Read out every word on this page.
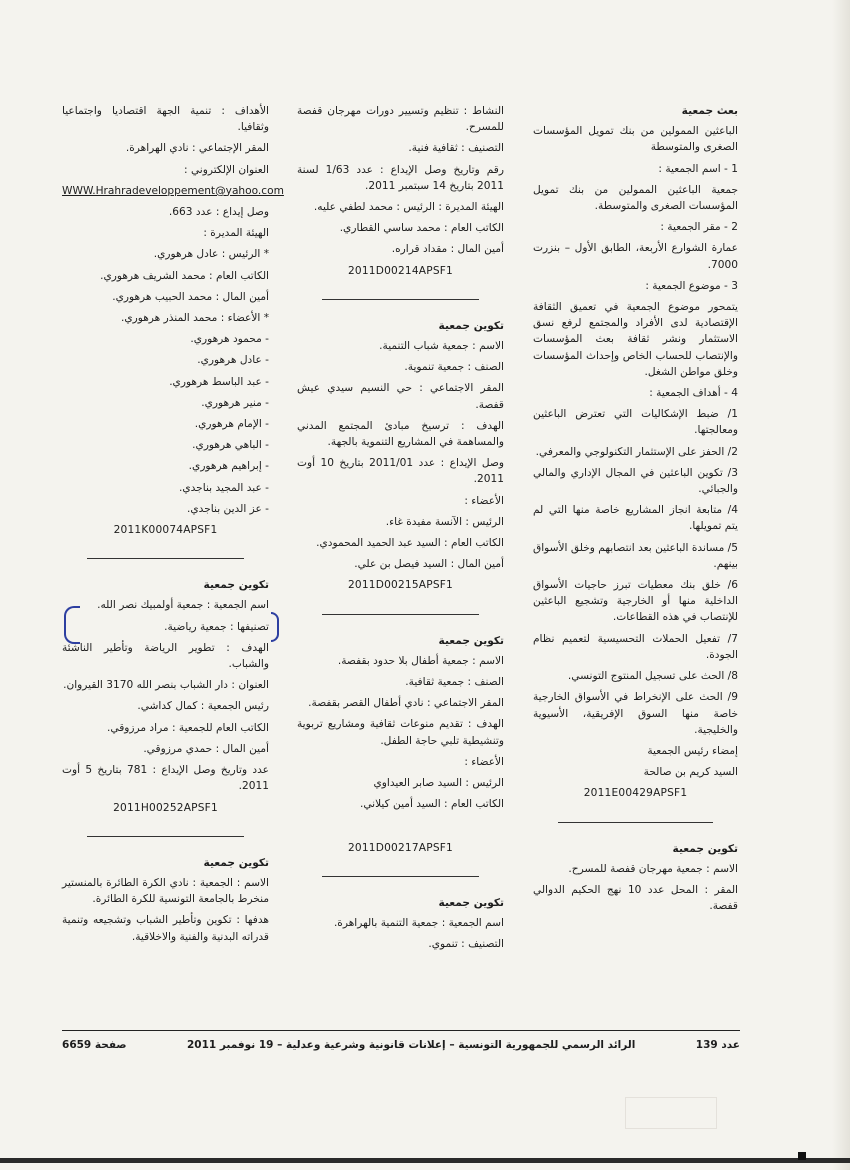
بعث جمعية

الباعثين الممولين من بنك تمويل المؤسسات الصغرى والمتوسطة

1 - اسم الجمعية :

جمعية الباعثين الممولين من بنك تمويل المؤسسات الصغرى والمتوسطة.

2 - مقر الجمعية :

عمارة الشوارع الأربعة، الطابق الأول – بنزرت 7000.

3 - موضوع الجمعية :

يتمحور موضوع الجمعية في تعميق الثقافة الإقتصادية لدى الأفراد والمجتمع لرفع نسق الاستثمار ونشر ثقافة بعث المؤسسات والإنتصاب للحساب الخاص وإحداث المؤسسات وخلق مواطن الشغل.

4 - أهداف الجمعية :

1/ ضبط الإشكاليات التي تعترض الباعثين ومعالجتها.

2/ الحفز على الإستثمار التكنولوجي والمعرفي.

3/ تكوين الباعثين في المجال الإداري والمالي والجبائي.

4/ متابعة انجاز المشاريع خاصة منها التي لم يتم تمويلها.

5/ مساندة الباعثين بعد انتصابهم وخلق الأسواق بينهم.

6/ خلق بنك معطيات تبرز حاجيات الأسواق الداخلية منها أو الخارجية وتشجيع الباعثين للإنتصاب في هذه القطاعات.

7/ تفعيل الحملات التحسيسية لتعميم نظام الجودة.

8/ الحث على تسجيل المنتوج التونسي.

9/ الحث على الإنخراط في الأسواق الخارجية خاصة منها السوق الإفريقية، الأسيوية والخليجية.

إمضاء رئيس الجمعية

السيد كريم بن صالحة

2011E00429APSF1

تكوين جمعية

الاسم : جمعية مهرجان قفصة للمسرح.

المقر : المحل عدد 10 نهج الحكيم الدوالي قفصة.

النشاط : تنظيم وتسيير دورات مهرجان قفصة للمسرح.

التصنيف : ثقافية فنية.

رقم وتاريخ وصل الإيداع : عدد 1/63 لسنة 2011 بتاريخ 14 سبتمبر 2011.

الهيئة المديرة : الرئيس : محمد لطفي عليه.

الكاتب العام : محمد ساسي القطاري.

أمين المال : مقداد قراره.

2011D00214APSF1

تكوين جمعية

الاسم : جمعية شباب التنمية.

الصنف : جمعية تنموية.

المقر الاجتماعي : حي النسيم سيدي عيش قفصة.

الهدف : ترسيخ مبادئ المجتمع المدني والمساهمة في المشاريع التنموية بالجهة.

وصل الإيداع : عدد 2011/01 بتاريخ 10 أوت 2011.

الأعضاء :

الرئيس : الآنسة مفيدة غاء.

الكاتب العام : السيد عبد الحميد المحمودي.

أمين المال : السيد فيصل بن علي.

2011D00215APSF1

تكوين جمعية

الاسم : جمعية أطفال بلا حدود بقفصة.

الصنف : جمعية ثقافية.

المقر الاجتماعي : نادي أطفال القصر بقفصة.

الهدف : تقديم منوعات ثقافية ومشاريع تربوية وتنشيطية تلبي حاجة الطفل.

الأعضاء :

الرئيس : السيد صابر العيداوي

الكاتب العام : السيد أمين كيلاني.

2011D00217APSF1

تكوين جمعية

اسم الجمعية : جمعية التنمية بالهراهرة.

التصنيف : تنموي.

الأهداف : تنمية الجهة اقتصاديا واجتماعيا وثقافيا.

المقر الإجتماعي : نادي الهراهرة.

العنوان الإلكتروني :

WWW.Hrahradeveloppement@yahoo.com

وصل إيداع : عدد 663.

الهيئة المديرة :

* الرئيس : عادل هرهوري.

الكاتب العام : محمد الشريف هرهوري.

أمين المال : محمد الحبيب هرهوري.

* الأعضاء : محمد المنذر هرهوري.

- محمود هرهوري.

- عادل هرهوري.

- عبد الباسط هرهوري.

- منير هرهوري.

- الإمام هرهوري.

- الباهي هرهوري.

- إبراهيم هرهوري.

- عبد المجيد بناجدي.

- عز الدين بناجدي.

2011K00074APSF1

تكوين جمعية

اسم الجمعية : جمعية أولمبيك نصر الله.

تصنيفها : جمعية رياضية.

الهدف : تطوير الرياضة وتأطير الناشئة والشباب.

العنوان : دار الشباب بنصر الله 3170 القيروان.

رئيس الجمعية : كمال كداشي.

الكاتب العام للجمعية : مراد مرزوقي.

أمين المال : حمدي مرزوقي.

عدد وتاريخ وصل الإيداع : 781 بتاريخ 5 أوت 2011.

2011H00252APSF1

تكوين جمعية

الاسم : الجمعية : نادي الكرة الطائرة بالمنستير منخرط بالجامعة التونسية للكرة الطائرة.

هدفها : تكوين وتأطير الشباب وتشجيعه وتنمية قدراته البدنية والفنية والاخلاقية.

عدد 139
الرائد الرسمي للجمهورية التونسية – إعلانات قانونية وشرعية وعدلية – 19 نوفمبر 2011
صفحة 6659
